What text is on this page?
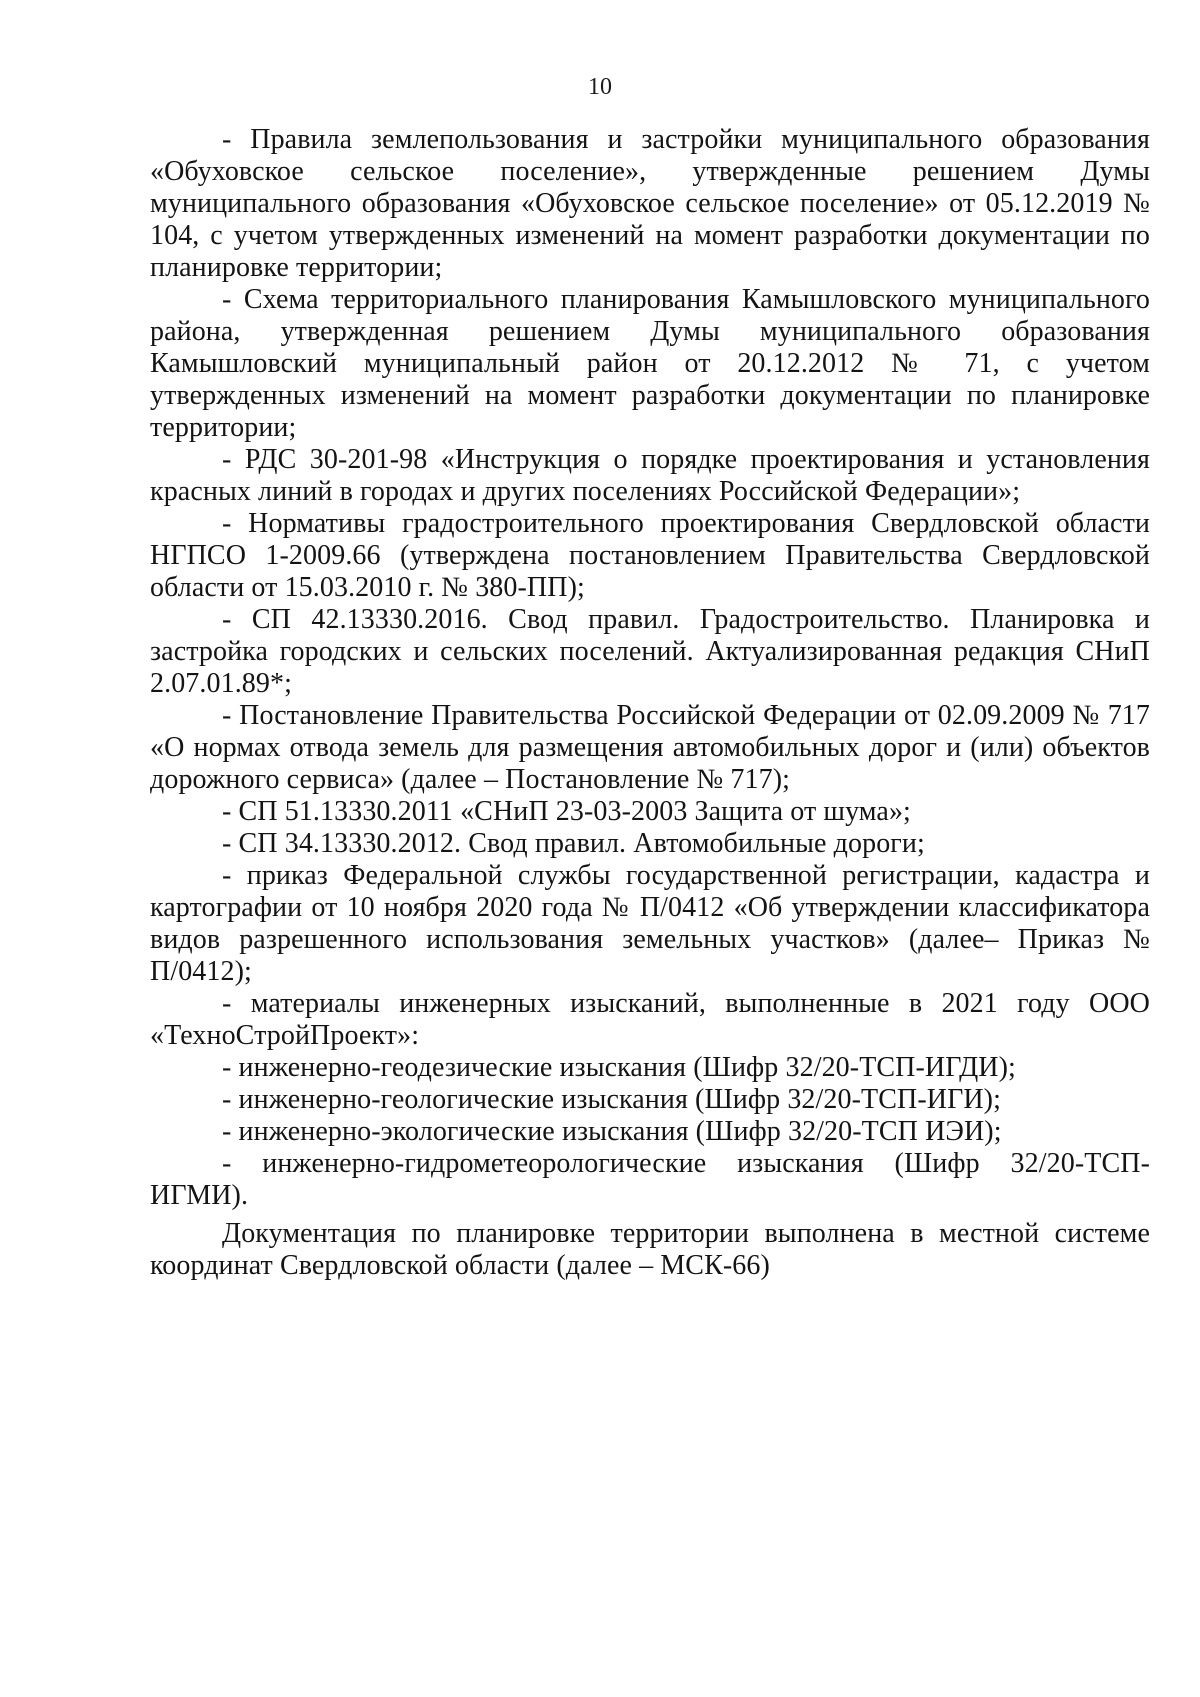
10

- Правила землепользования и застройки муниципального образования «Обуховское сельское поселение», утвержденные решением Думы муниципального образования «Обуховское сельское поселение» от 05.12.2019 № 104, с учетом утвержденных изменений на момент разработки документации по планировке территории;

- Схема территориального планирования Камышловского муниципального района, утвержденная решением Думы муниципального образования Камышловский муниципальный район от 20.12.2012 № 71, с учетом утвержденных изменений на момент разработки документации по планировке территории;

- РДС 30-201-98 «Инструкция о порядке проектирования и установления красных линий в городах и других поселениях Российской Федерации»;

- Нормативы градостроительного проектирования Свердловской области НГПСО 1-2009.66 (утверждена постановлением Правительства Свердловской области от 15.03.2010 г. № 380-ПП);

- СП 42.13330.2016. Свод правил. Градостроительство. Планировка и застройка городских и сельских поселений. Актуализированная редакция СНиП 2.07.01.89*;

- Постановление Правительства Российской Федерации от 02.09.2009 № 717 «О нормах отвода земель для размещения автомобильных дорог и (или) объектов дорожного сервиса» (далее – Постановление № 717);

- СП 51.13330.2011 «СНиП 23-03-2003 Защита от шума»;

- СП 34.13330.2012. Свод правил. Автомобильные дороги;

- приказ Федеральной службы государственной регистрации, кадастра и картографии от 10 ноября 2020 года № П/0412 «Об утверждении классификатора видов разрешенного использования земельных участков» (далее– Приказ № П/0412);

- материалы инженерных изысканий, выполненные в 2021 году ООО «ТехноСтройПроект»:

- инженерно-геодезические изыскания (Шифр 32/20-ТСП-ИГДИ);

- инженерно-геологические изыскания (Шифр 32/20-ТСП-ИГИ);

- инженерно-экологические изыскания (Шифр 32/20-ТСП ИЭИ);

- инженерно-гидрометеорологические изыскания (Шифр 32/20-ТСП-ИГМИ).

Документация по планировке территории выполнена в местной системе координат Свердловской области (далее – МСК-66)
